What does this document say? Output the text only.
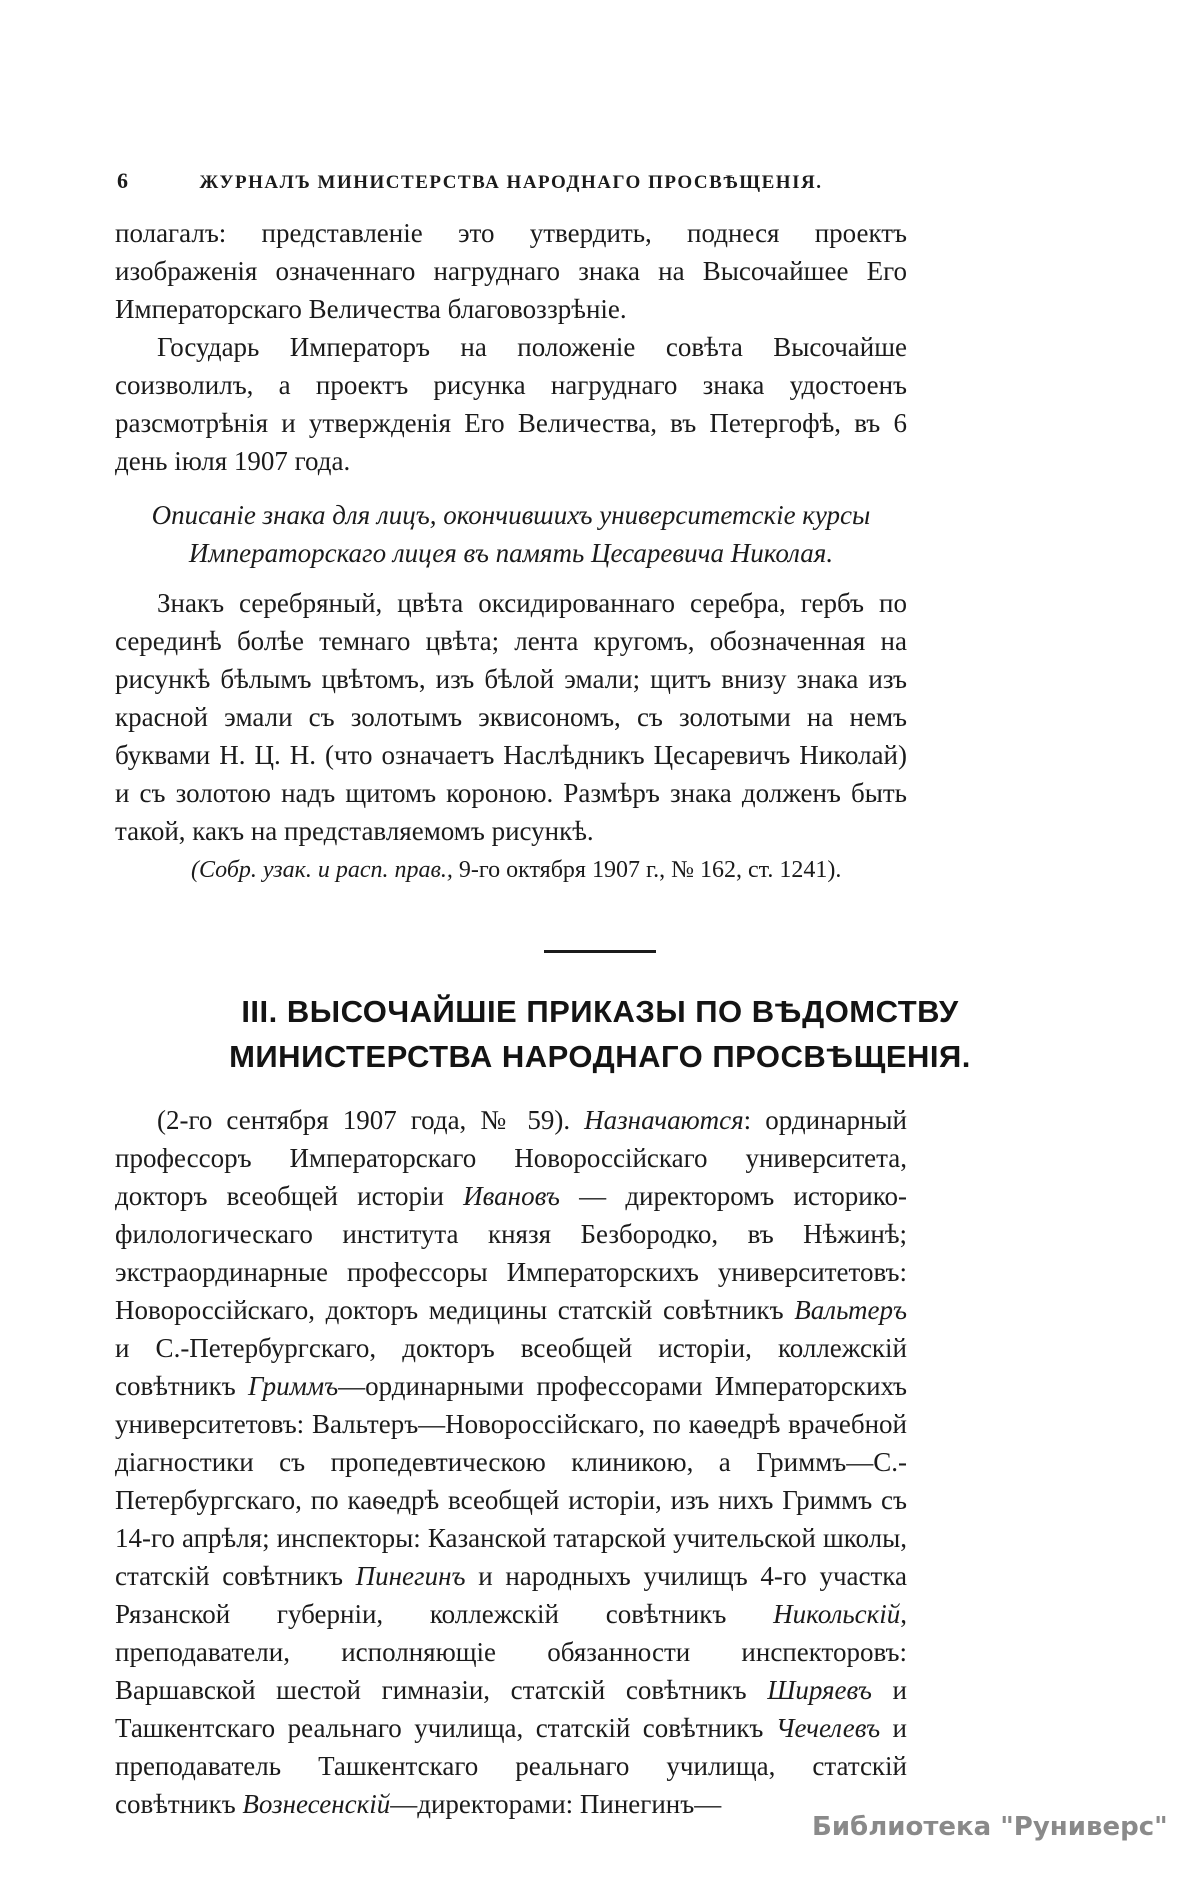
6	ЖУРНАЛЪ МИНИСТЕРСТВА НАРОДНАГО ПРОСВѢЩЕНІЯ.

полагалъ: представленіе это утвердить, поднеся проектъ изображенія означеннаго нагруднаго знака на Высочайшее Его Императорскаго Величества благовоззрѣніе.

Государь Императоръ на положеніе совѣта Высочайше соизволилъ, а проектъ рисунка нагруднаго знака удостоенъ разсмотрѣнія и утвержденія Его Величества, въ Петергофѣ, въ 6 день іюля 1907 года.

Описаніе знака для лицъ, окончившихъ университетскіе курсы Императорскаго лицея въ память Цесаревича Николая.

Знакъ серебряный, цвѣта оксидированнаго серебра, гербъ по серединѣ болѣе темнаго цвѣта; лента кругомъ, обозначенная на рисункѣ бѣлымъ цвѣтомъ, изъ бѣлой эмали; щитъ внизу знака изъ красной эмали съ золотымъ эквисономъ, съ золотыми на немъ буквами Н. Ц. Н. (что означаетъ Наслѣдникъ Цесаревичъ Николай) и съ золотою надъ щитомъ короною. Размѣръ знака долженъ быть такой, какъ на представляемомъ рисункѣ.

(Собр. узак. и расп. прав., 9-го октября 1907 г., № 162, ст. 1241).

III. ВЫСОЧАЙШІЕ ПРИКАЗЫ ПО ВѢДОМСТВУ МИНИСТЕРСТВА НАРОДНАГО ПРОСВѢЩЕНІЯ.

(2-го сентября 1907 года, № 59). Назначаются: ординарный профессоръ Императорскаго Новороссійскаго университета, докторъ всеобщей исторіи Ивановъ — директоромъ историко-филологическаго института князя Безбородко, въ Нѣжинѣ; экстраординарные профессоры Императорскихъ университетовъ: Новороссійскаго, докторъ медицины статскій совѣтникъ Вальтеръ и С.-Петербургскаго, докторъ всеобщей исторіи, коллежскій совѣтникъ Гриммъ—ординарными профессорами Императорскихъ университетовъ: Вальтеръ—Новороссійскаго, по каѳедрѣ врачебной діагностики съ пропедевтическою клиникою, а Гриммъ—С.-Петербургскаго, по каѳедрѣ всеобщей исторіи, изъ нихъ Гриммъ съ 14-го апрѣля; инспекторы: Казанской татарской учительской школы, статскій совѣтникъ Пинегинъ и народныхъ училищъ 4-го участка Рязанской губерніи, коллежскій совѣтникъ Никольскій, преподаватели, исполняющіе обязанности инспекторовъ: Варшавской шестой гимназіи, статскій совѣтникъ Ширяевъ и Ташкентскаго реальнаго училища, статскій совѣтникъ Чечелевъ и преподаватель Ташкентскаго реальнаго училища, статскій совѣтникъ Вознесенскій—директорами: Пинегинъ—

Библиотека "Руниверс"
